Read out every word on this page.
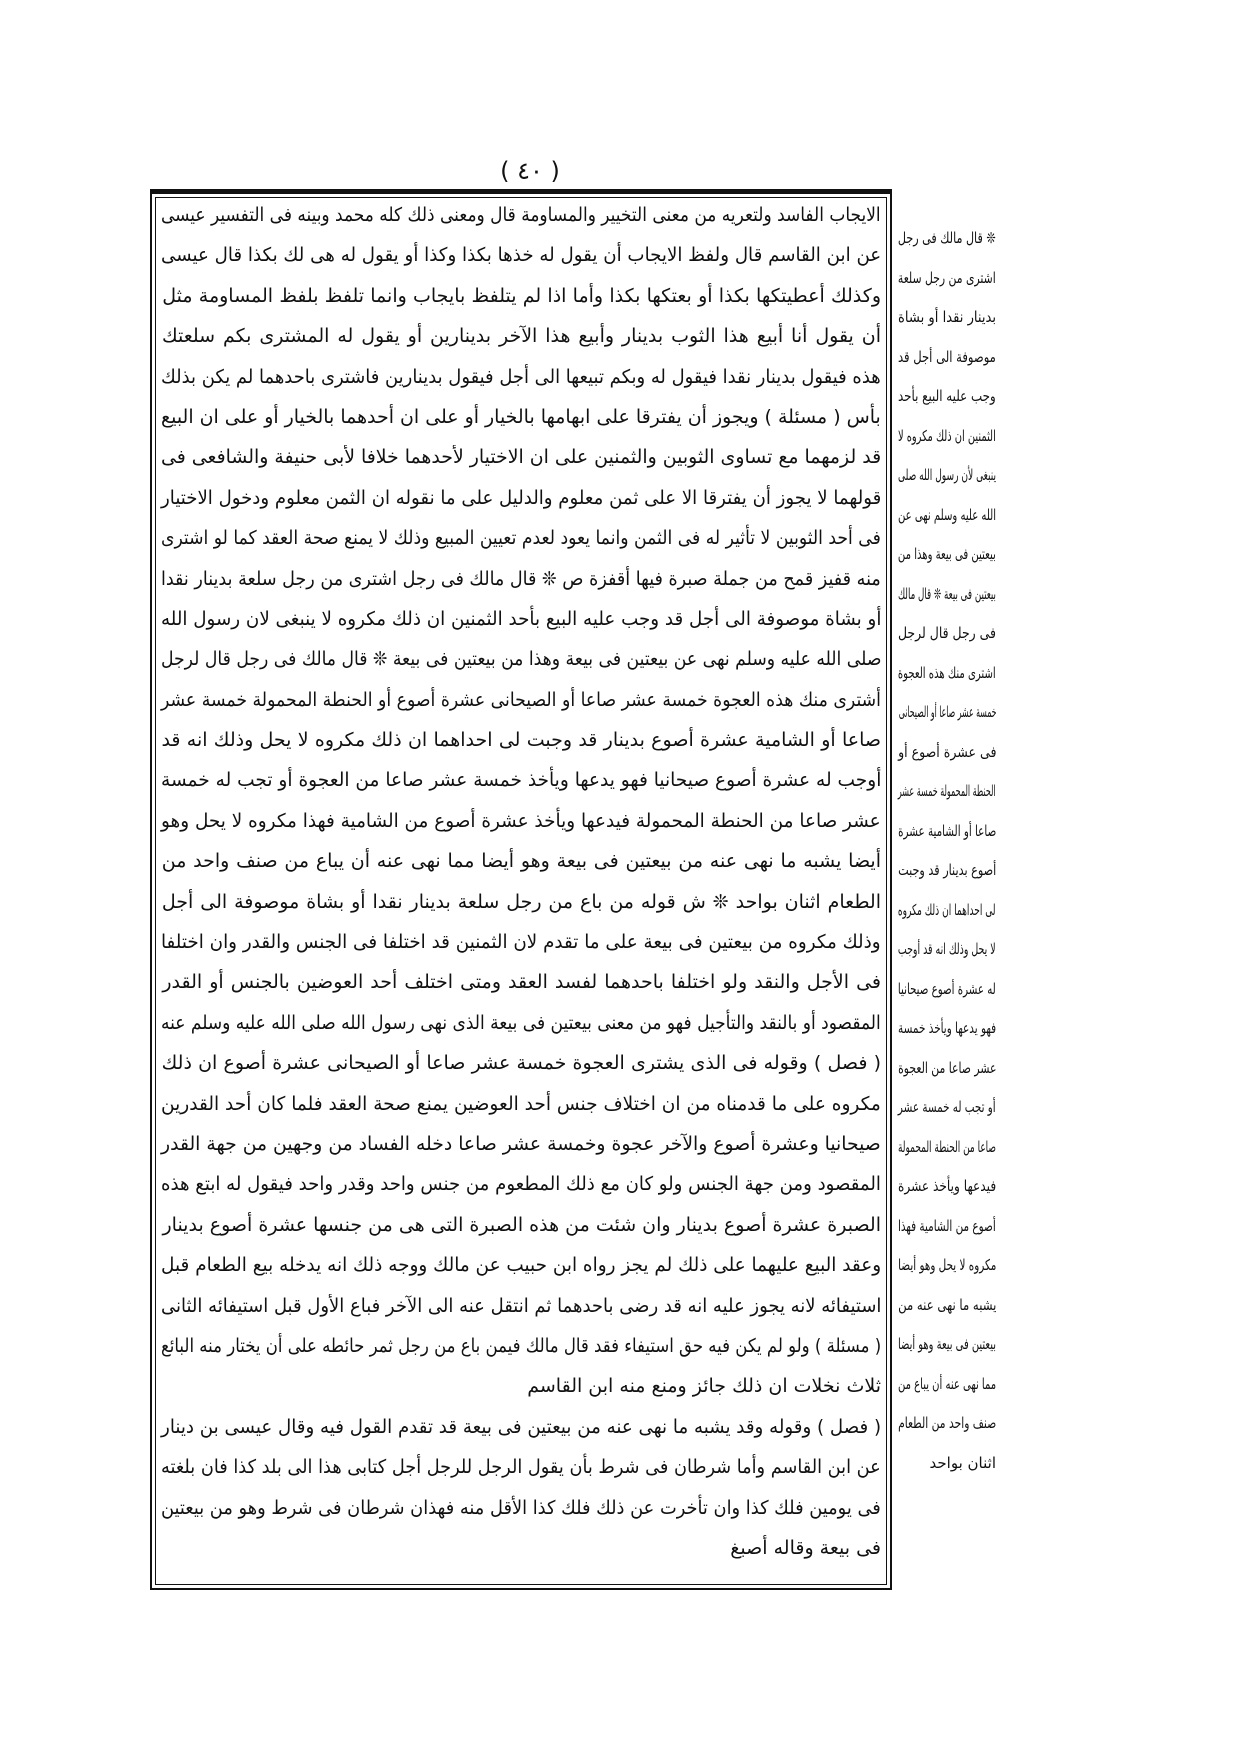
( ٤٠ )
الايجاب الفاسد ولتعريه من معنى التخيير والمساومة قال ومعنى ذلك كله محمد وبينه فى التفسير عيسى
عن ابن القاسم قال ولفظ الايجاب أن يقول له خذها بكذا وكذا أو يقول له هى لك بكذا قال عيسى
وكذلك أعطيتكها بكذا أو بعتكها بكذا وأما اذا لم يتلفظ بايجاب وانما تلفظ بلفظ المساومة مثل
أن يقول أنا أبيع هذا الثوب بدينار وأبيع هذا الآخر بدينارين أو يقول له المشترى بكم سلعتك
هذه فيقول بدينار نقدا فيقول له وبكم تبيعها الى أجل فيقول بدينارين فاشترى باحدهما لم يكن بذلك
بأس ( مسئلة ) ويجوز أن يفترقا على ابهامها بالخيار أو على ان أحدهما بالخيار أو على ان البيع
قد لزمهما مع تساوى الثوبين والثمنين على ان الاختيار لأحدهما خلافا لأبى حنيفة والشافعى فى
قولهما لا يجوز أن يفترقا الا على ثمن معلوم والدليل على ما نقوله ان الثمن معلوم ودخول الاختيار
فى أحد الثوبين لا تأثير له فى الثمن وانما يعود لعدم تعيين المبيع وذلك لا يمنع صحة العقد كما لو اشترى
منه قفيز قمح من جملة صبرة فيها أقفزة ص ❊ قال مالك فى رجل اشترى من رجل سلعة بدينار نقدا
أو بشاة موصوفة الى أجل قد وجب عليه البيع بأحد الثمنين ان ذلك مكروه لا ينبغى لان رسول الله
صلى الله عليه وسلم نهى عن بيعتين فى بيعة وهذا من بيعتين فى بيعة ❊ قال مالك فى رجل قال لرجل
أشترى منك هذه العجوة خمسة عشر صاعا أو الصيحانى عشرة أصوع أو الحنطة المحمولة خمسة عشر
صاعا أو الشامية عشرة أصوع بدينار قد وجبت لى احداهما ان ذلك مكروه لا يحل وذلك انه قد
أوجب له عشرة أصوع صيحانيا فهو يدعها ويأخذ خمسة عشر صاعا من العجوة أو تجب له خمسة
عشر صاعا من الحنطة المحمولة فيدعها ويأخذ عشرة أصوع من الشامية فهذا مكروه لا يحل وهو
أيضا يشبه ما نهى عنه من بيعتين فى بيعة وهو أيضا مما نهى عنه أن يباع من صنف واحد من
الطعام اثنان بواحد ❊ ش قوله من باع من رجل سلعة بدينار نقدا أو بشاة موصوفة الى أجل
وذلك مكروه من بيعتين فى بيعة على ما تقدم لان الثمنين قد اختلفا فى الجنس والقدر وان اختلفا
فى الأجل والنقد ولو اختلفا باحدهما لفسد العقد ومتى اختلف أحد العوضين بالجنس أو القدر
المقصود أو بالنقد والتأجيل فهو من معنى بيعتين فى بيعة الذى نهى رسول الله صلى الله عليه وسلم عنه
( فصل ) وقوله فى الذى يشترى العجوة خمسة عشر صاعا أو الصيحانى عشرة أصوع ان ذلك
مكروه على ما قدمناه من ان اختلاف جنس أحد العوضين يمنع صحة العقد فلما كان أحد القدرين
صيحانيا وعشرة أصوع والآخر عجوة وخمسة عشر صاعا دخله الفساد من وجهين من جهة القدر
المقصود ومن جهة الجنس ولو كان مع ذلك المطعوم من جنس واحد وقدر واحد فيقول له ابتع هذه
الصبرة عشرة أصوع بدينار وان شئت من هذه الصبرة التى هى من جنسها عشرة أصوع بدينار
وعقد البيع عليهما على ذلك لم يجز رواه ابن حبيب عن مالك ووجه ذلك انه يدخله بيع الطعام قبل
استيفائه لانه يجوز عليه انه قد رضى باحدهما ثم انتقل عنه الى الآخر فباع الأول قبل استيفائه الثانى
( مسئلة ) ولو لم يكن فيه حق استيفاء فقد قال مالك فيمن باع من رجل ثمر حائطه على أن يختار منه البائع
ثلاث نخلات ان ذلك جائز ومنع منه ابن القاسم
( فصل ) وقوله وقد يشبه ما نهى عنه من بيعتين فى بيعة قد تقدم القول فيه وقال عيسى بن دينار
عن ابن القاسم وأما شرطان فى شرط بأن يقول الرجل للرجل أجل كتابى هذا الى بلد كذا فان بلغته
فى يومين فلك كذا وان تأخرت عن ذلك فلك كذا الأقل منه فهذان شرطان فى شرط وهو من بيعتين
فى بيعة وقاله أصبغ
❊ قال مالك فى رجل
اشترى من رجل سلعة
بدينار نقدا أو بشاة
موصوفة الى أجل قد
وجب عليه البيع بأحد
الثمنين ان ذلك مكروه لا
ينبغى لأن رسول الله صلى
الله عليه وسلم نهى عن
بيعتين فى بيعة وهذا من
بيعتين فى بيعة ❊ قال مالك
فى رجل قال لرجل
اشترى منك هذه العجوة
خمسة عشر صاعا أو الصيحانى
فى عشرة أصوع أو
الحنطة المحمولة خمسة عشر
صاعا أو الشامية عشرة
أصوع بدينار قد وجبت
لى احداهما ان ذلك مكروه
لا يحل وذلك انه قد أوجب
له عشرة أصوع صيحانيا
فهو يدعها ويأخذ خمسة
عشر صاعا من العجوة
أو تجب له خمسة عشر
صاعا من الحنطة المحمولة
فيدعها ويأخذ عشرة
أصوع من الشامية فهذا
مكروه لا يحل وهو أيضا
يشبه ما نهى عنه من
بيعتين فى بيعة وهو أيضا
مما نهى عنه أن يباع من
صنف واحد من الطعام
اثنان بواحد
